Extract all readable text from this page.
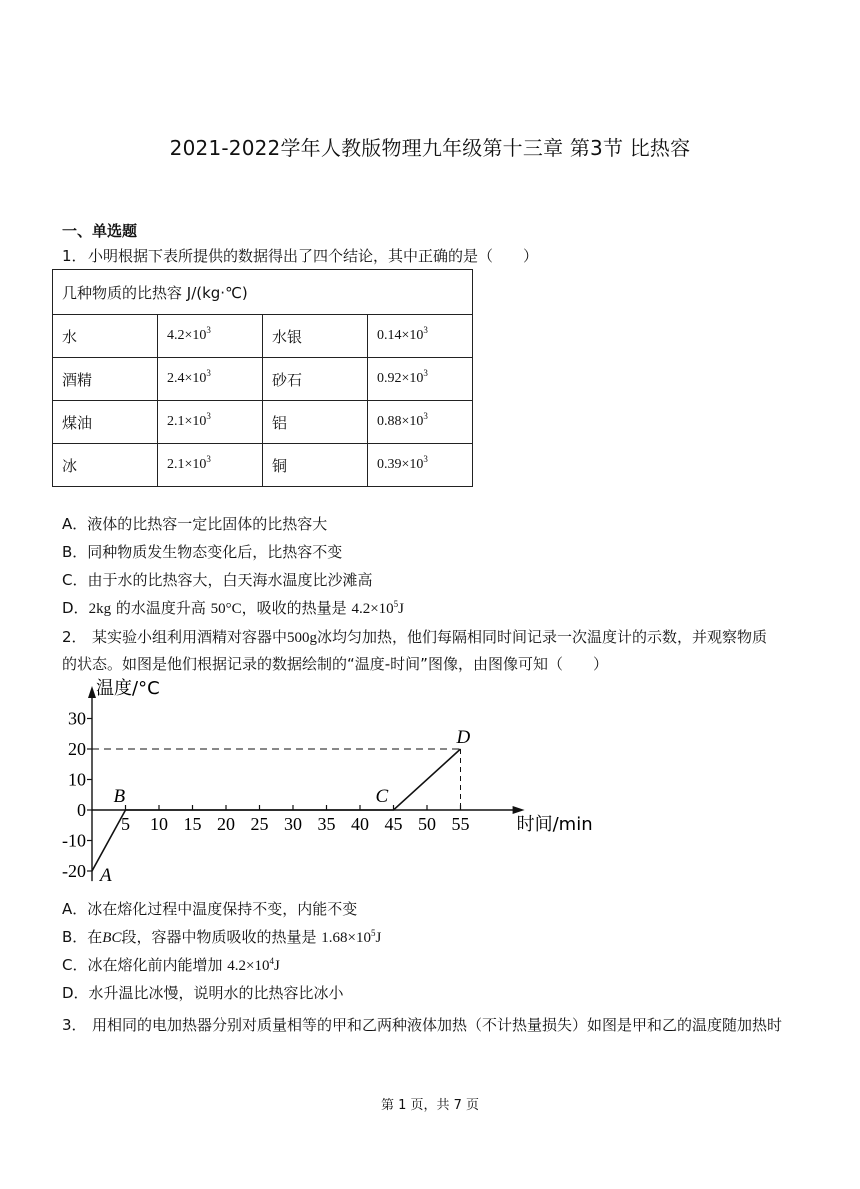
2021-2022学年人教版物理九年级第十三章 第3节 比热容
一、单选题
1．小明根据下表所提供的数据得出了四个结论，其中正确的是（　　）
几种物质的比热容 J/(kg·℃)			
水	$4.2\times 10^3$	水银	$0.14\times 10^3$
酒精	$2.4\times 10^3$	砂石	$0.92\times 10^3$
煤油	$2.1\times 10^3$	铝	$0.88\times 10^3$
冰	$2.1\times 10^3$	铜	$0.39\times 10^3$
A．液体的比热容一定比固体的比热容大
B．同种物质发生物态变化后，比热容不变
C．由于水的比热容大，白天海水温度比沙滩高
D．2kg 的水温度升高 50°C，吸收的热量是 $4.2\times 10^5J$
2． 某实验小组利用酒精对容器中500g冰均匀加热，他们每隔相同时间记录一次温度计的示数，并观察物质
的状态。如图是他们根据记录的数据绘制的“温度-时间”图像，由图像可知（　　）
温度/°C
时间/min
-20
-10
0
10
20
30
5 10 15 20 25 30 35 40 45 50 55
A
B	C
D
A．冰在熔化过程中温度保持不变，内能不变
B．在BC段，容器中物质吸收的热量是 $1.68\times 10^5J$
C．冰在熔化前内能增加 $4.2\times 10^4J$
D．水升温比冰慢，说明水的比热容比冰小
3． 用相同的电加热器分别对质量相等的甲和乙两种液体加热（不计热量损失）如图是甲和乙的温度随加热时
第 1 页，共 7 页
